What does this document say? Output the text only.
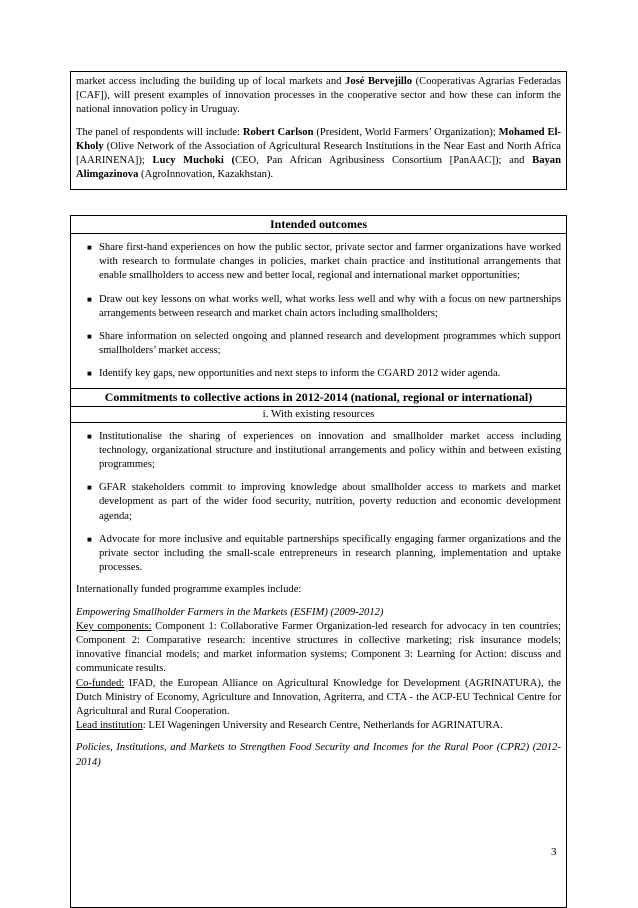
market access including the building up of local markets and José Bervejillo (Cooperativas Agrarias Federadas [CAF]), will present examples of innovation processes in the cooperative sector and how these can inform the national innovation policy in Uruguay.

The panel of respondents will include: Robert Carlson (President, World Farmers’ Organization); Mohamed El-Kholy (Olive Network of the Association of Agricultural Research Institutions in the Near East and North Africa [AARINENA]); Lucy Muchoki (CEO, Pan African Agribusiness Consortium [PanAAC]); and Bayan Alimgazinova (AgroInnovation, Kazakhstan).

Intended outcomes
■ Share first-hand experiences on how the public sector, private sector and farmer organizations have worked with research to formulate changes in policies, market chain practice and institutional arrangements that enable smallholders to access new and better local, regional and international market opportunities;
■ Draw out key lessons on what works well, what works less well and why with a focus on new partnerships arrangements between research and market chain actors including smallholders;
■ Share information on selected ongoing and planned research and development programmes which support smallholders’ market access;
■ Identify key gaps, new opportunities and next steps to inform the CGARD 2012 wider agenda.
Commitments to collective actions in 2012-2014 (national, regional or international)
i. With existing resources
■ Institutionalise the sharing of experiences on innovation and smallholder market access including technology, organizational structure and institutional arrangements and policy within and between existing programmes;
■ GFAR stakeholders commit to improving knowledge about smallholder access to markets and market development as part of the wider food security, nutrition, poverty reduction and economic development agenda;
■ Advocate for more inclusive and equitable partnerships specifically engaging farmer organizations and the private sector including the small-scale entrepreneurs in research planning, implementation and uptake processes.

Internationally funded programme examples include:

Empowering Smallholder Farmers in the Markets (ESFIM) (2009-2012)

Key components: Component 1: Collaborative Farmer Organization-led research for advocacy in ten countries; Component 2: Comparative research: incentive structures in collective marketing; risk insurance models; innovative financial models; and market information systems; Component 3: Learning for Action: discuss and communicate results.

Co-funded: IFAD, the European Alliance on Agricultural Knowledge for Development (AGRINATURA), the Dutch Ministry of Economy, Agriculture and Innovation, Agriterra, and CTA - the ACP-EU Technical Centre for Agricultural and Rural Cooperation.

Lead institution: LEI Wageningen University and Research Centre, Netherlands for AGRINATURA.

Policies, Institutions, and Markets to Strengthen Food Security and Incomes for the Rural Poor (CPR2) (2012- 2014)

3
